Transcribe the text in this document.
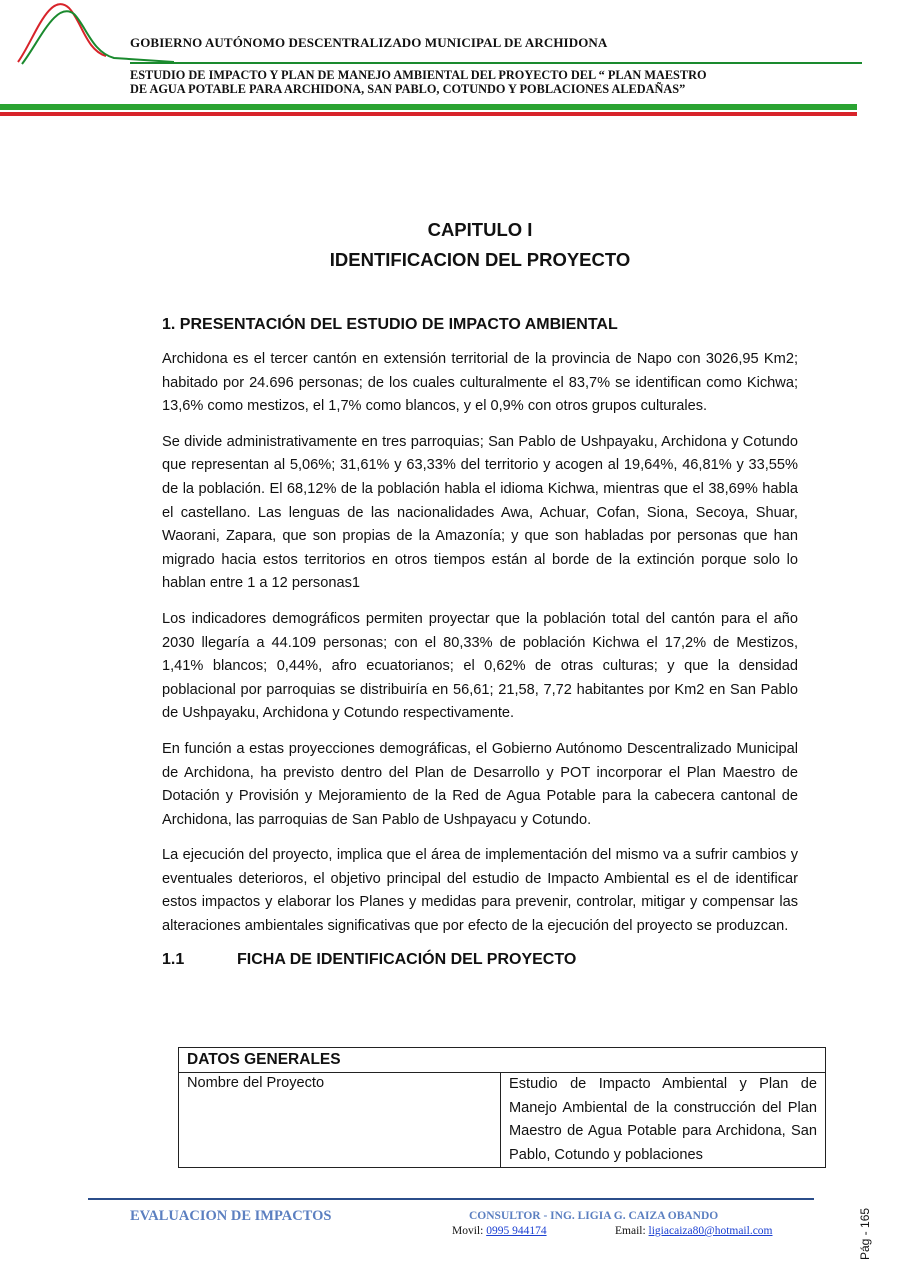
GOBIERNO AUTÓNOMO DESCENTRALIZADO MUNICIPAL DE ARCHIDONA
ESTUDIO DE IMPACTO Y PLAN DE MANEJO AMBIENTAL DEL PROYECTO DEL “ PLAN MAESTRO
DE AGUA POTABLE PARA ARCHIDONA, SAN PABLO, COTUNDO Y POBLACIONES ALEDAÑAS”
CAPITULO I
IDENTIFICACION DEL PROYECTO
1. PRESENTACIÓN DEL ESTUDIO DE IMPACTO AMBIENTAL

Archidona es el tercer cantón en extensión territorial de la provincia de Napo con 3026,95 Km2; habitado por 24.696 personas; de los cuales culturalmente el 83,7% se identifican como Kichwa; 13,6% como mestizos, el 1,7% como blancos, y el 0,9% con otros grupos culturales.

Se divide administrativamente en tres parroquias; San Pablo de Ushpayaku, Archidona y Cotundo que representan al 5,06%; 31,61% y 63,33% del territorio y acogen al 19,64%, 46,81% y 33,55% de la población. El 68,12% de la población habla el idioma Kichwa, mientras que el 38,69% habla el castellano. Las lenguas de las nacionalidades Awa, Achuar, Cofan, Siona, Secoya, Shuar, Waorani, Zapara, que son propias de la Amazonía; y que son habladas por personas que han migrado hacia estos territorios en otros tiempos están al borde de la extinción porque solo lo hablan entre 1 a 12 personas1

Los indicadores demográficos permiten proyectar que la población total del cantón para el año 2030 llegaría a 44.109 personas; con el 80,33% de población Kichwa el 17,2% de Mestizos, 1,41% blancos; 0,44%, afro ecuatorianos; el 0,62% de otras culturas; y que la densidad poblacional por parroquias se distribuiría en 56,61; 21,58, 7,72 habitantes por Km2 en San Pablo de Ushpayaku, Archidona y Cotundo respectivamente.

En función a estas proyecciones demográficas, el Gobierno Autónomo Descentralizado Municipal de Archidona, ha previsto dentro del Plan de Desarrollo y POT incorporar el Plan Maestro de Dotación y Provisión y Mejoramiento de la Red de Agua Potable para la cabecera cantonal de Archidona, las parroquias de San Pablo de Ushpayacu y Cotundo.

La ejecución del proyecto, implica que el área de implementación del mismo va a sufrir cambios y eventuales deterioros, el objetivo principal del estudio de Impacto Ambiental es el de identificar estos impactos y elaborar los Planes y medidas para prevenir, controlar, mitigar y compensar las alteraciones ambientales significativas que por efecto de la ejecución del proyecto se produzcan.

1.1	FICHA DE IDENTIFICACIÓN DEL PROYECTO
DATOS GENERALES
Nombre del Proyecto	Estudio de Impacto Ambiental y Plan de Manejo Ambiental de la construcción del Plan Maestro de Agua Potable para Archidona, San Pablo, Cotundo y poblaciones
EVALUACION DE IMPACTOS	CONSULTOR - ING. LIGIA G. CAIZA OBANDO
Movil: 0995 944174	Email: ligiacaiza80@hotmail.com	Pág - 165
